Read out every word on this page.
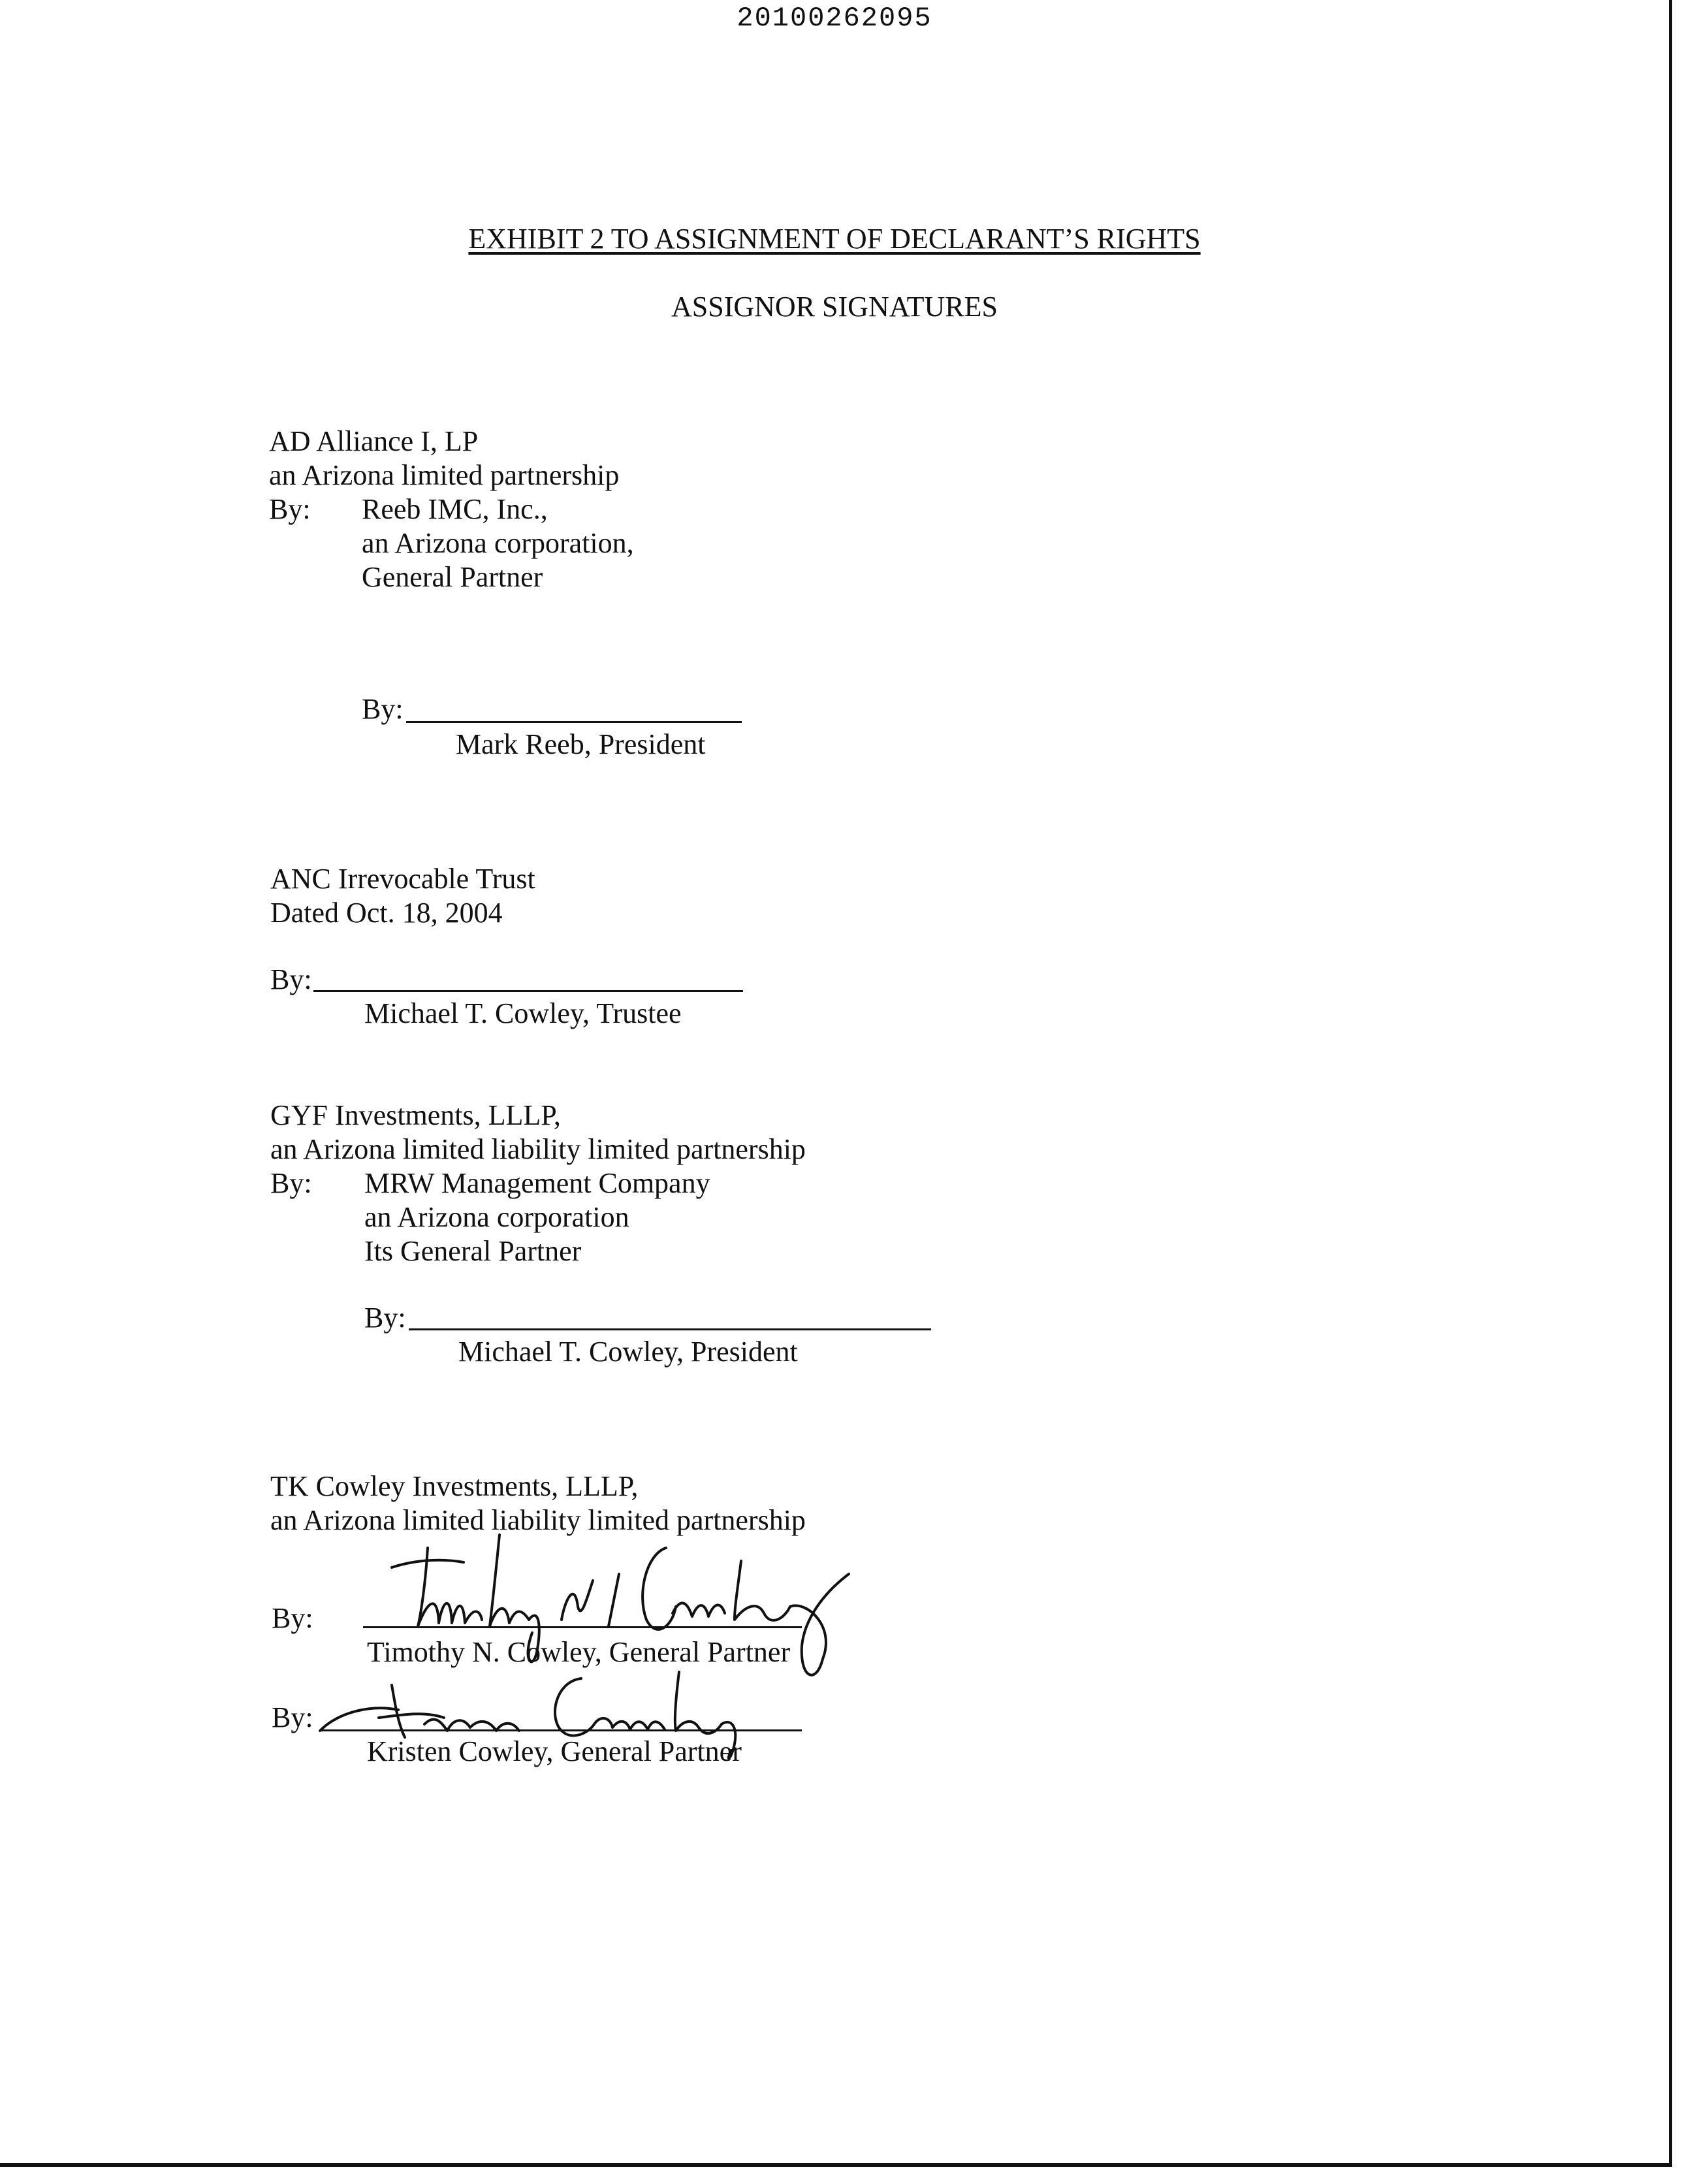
20100262095
EXHIBIT 2 TO ASSIGNMENT OF DECLARANT’S RIGHTS
ASSIGNOR SIGNATURES
AD Alliance I, LP
an Arizona limited partnership
By: Reeb IMC, Inc.,
an Arizona corporation,
General Partner
By:
Mark Reeb, President
ANC Irrevocable Trust
Dated Oct. 18, 2004
By:
Michael T. Cowley, Trustee
GYF Investments, LLLP,
an Arizona limited liability limited partnership
By: MRW Management Company
an Arizona corporation
Its General Partner
By:
Michael T. Cowley, President
TK Cowley Investments, LLLP,
an Arizona limited liability limited partnership
By:
Timothy N. Cowley, General Partner
By:
Kristen Cowley, General Partner
